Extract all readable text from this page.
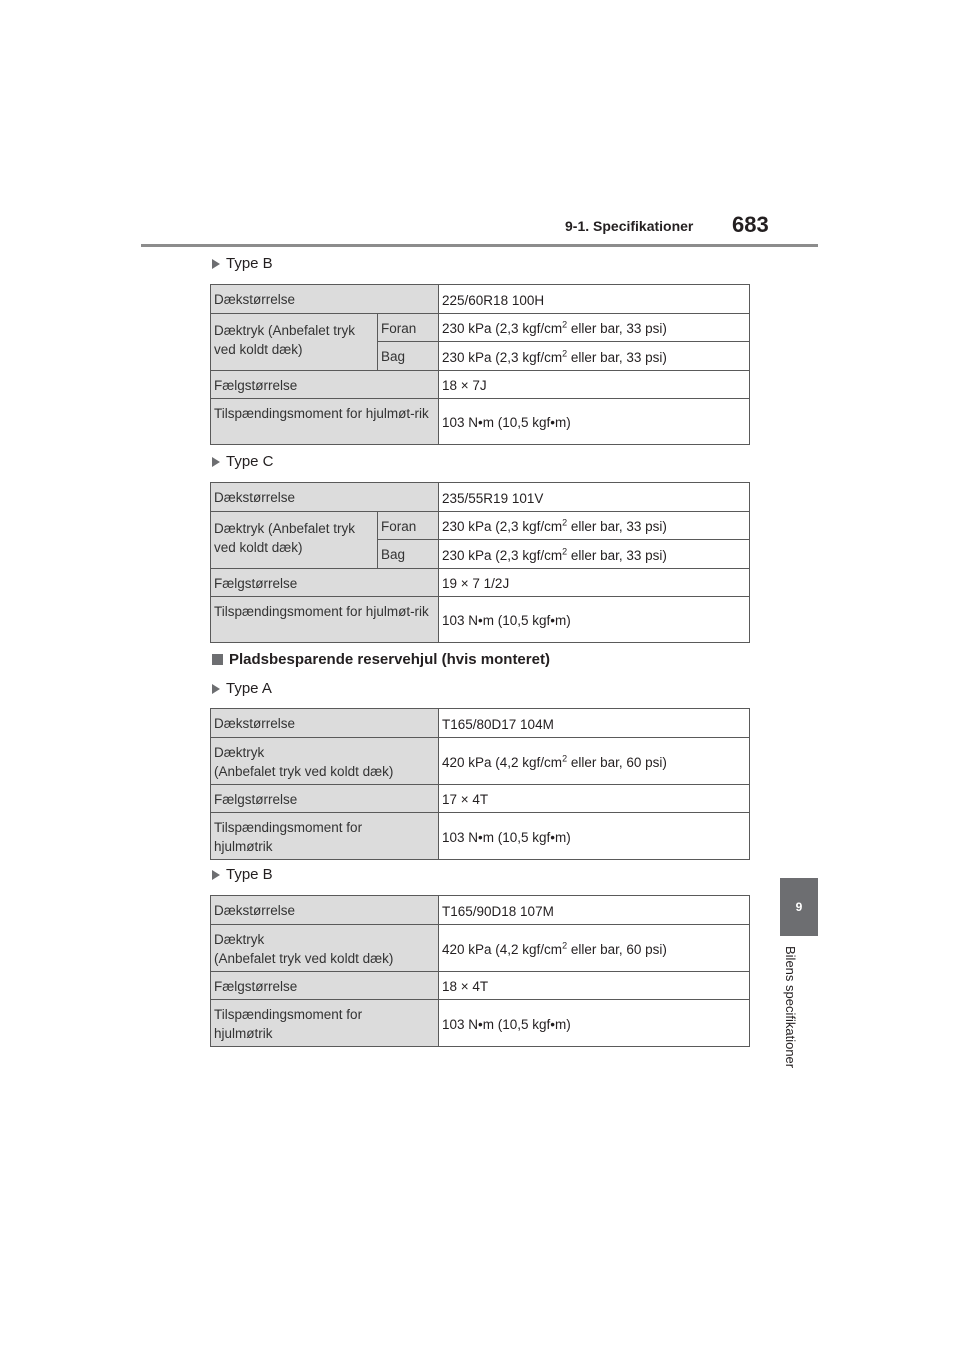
9-1. Specifikationer 683
9
Bilens specifikationer
Type B
Dækstørrelse		225/60R18 100H
Dæktryk (Anbefalet tryk ved koldt dæk)	Foran	230 kPa (2,3 kgf/$cm^2$ eller bar, 33 psi)
	Bag	230 kPa (2,3 kgf/$cm^2$ eller bar, 33 psi)
Fælgstørrelse		18 × 7J
Tilspændingsmoment for hjulmøt-rik		103 N•m (10,5 kgf•m)
Type C
Dækstørrelse		235/55R19 101V
Dæktryk (Anbefalet tryk ved koldt dæk)	Foran	230 kPa (2,3 kgf/$cm^2$ eller bar, 33 psi)
	Bag	230 kPa (2,3 kgf/$cm^2$ eller bar, 33 psi)
Fælgstørrelse		19 × 7 1/2J
Tilspændingsmoment for hjulmøt-rik		103 N•m (10,5 kgf•m)
Pladsbesparende reservehjul (hvis monteret)
Type A
Dækstørrelse	T165/80D17 104M
Dæktryk
(Anbefalet tryk ved koldt dæk)	420 kPa (4,2 kgf/$cm^2$ eller bar, 60 psi)
Fælgstørrelse	17 × 4T
Tilspændingsmoment for
hjulmøtrik	103 N•m (10,5 kgf•m)
Type B
Dækstørrelse	T165/90D18 107M
Dæktryk
(Anbefalet tryk ved koldt dæk)	420 kPa (4,2 kgf/$cm^2$ eller bar, 60 psi)
Fælgstørrelse	18 × 4T
Tilspændingsmoment for
hjulmøtrik	103 N•m (10,5 kgf•m)
